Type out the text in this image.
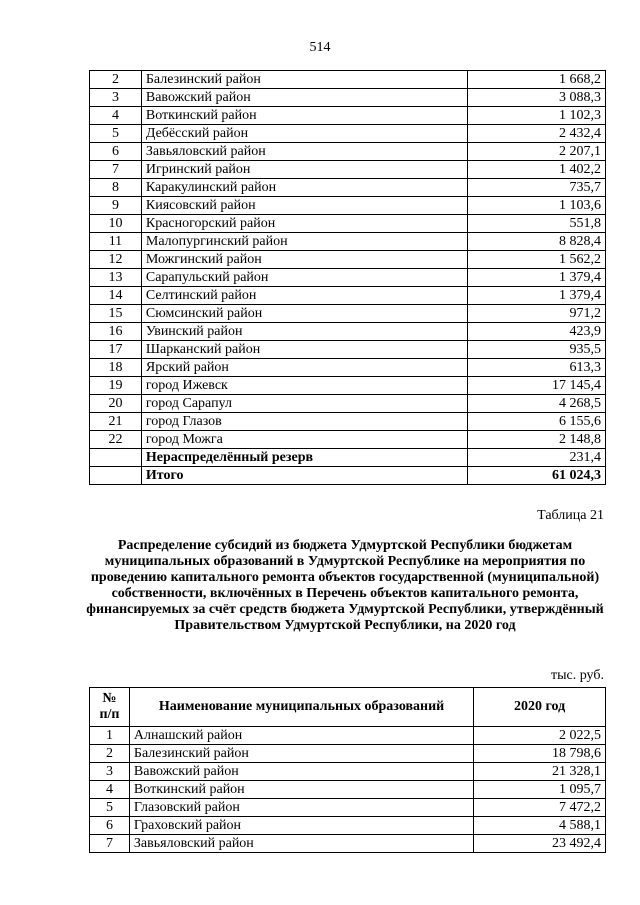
514
2	Балезинский район	1 668,2
3	Вавожский район	3 088,3
4	Воткинский район	1 102,3
5	Дебёсский район	2 432,4
6	Завьяловский район	2 207,1
7	Игринский район	1 402,2
8	Каракулинский район	735,7
9	Киясовский район	1 103,6
10	Красногорский район	551,8
11	Малопургинский район	8 828,4
12	Можгинский район	1 562,2
13	Сарапульский район	1 379,4
14	Селтинский район	1 379,4
15	Сюмсинский район	971,2
16	Увинский район	423,9
17	Шарканский район	935,5
18	Ярский район	613,3
19	город Ижевск	17 145,4
20	город Сарапул	4 268,5
21	город Глазов	6 155,6
22	город Можга	2 148,8
	Нераспределённый резерв	231,4
	Итого	61 024,3
Таблица 21

Распределение субсидий из бюджета Удмуртской Республики бюджетам муниципальных образований в Удмуртской Республике на мероприятия по проведению капитального ремонта объектов государственной (муниципальной) собственности, включённых в Перечень объектов капитального ремонта, финансируемых за счёт средств бюджета Удмуртской Республики, утверждённый Правительством Удмуртской Республики, на 2020 год

тыс. руб.
№
п/п	Наименование муниципальных образований	2020 год
1	Алнашский район	2 022,5
2	Балезинский район	18 798,6
3	Вавожский район	21 328,1
4	Воткинский район	1 095,7
5	Глазовский район	7 472,2
6	Граховский район	4 588,1
7	Завьяловский район	23 492,4
